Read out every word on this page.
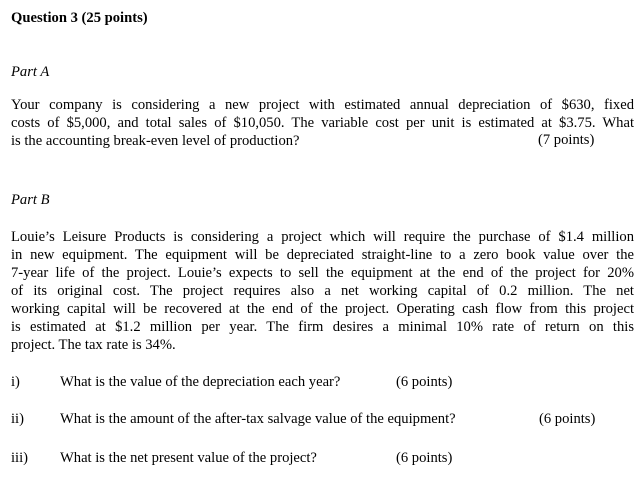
Question 3 (25 points)
Part A
Your company is considering a new project with estimated annual depreciation of $630, fixed
costs of $5,000, and total sales of $10,050. The variable cost per unit is estimated at $3.75. What
is the accounting break-even level of production?	(7 points)
Part B
Louie’s Leisure Products is considering a project which will require the purchase of $1.4 million
in new equipment. The equipment will be depreciated straight-line to a zero book value over the
7-year life of the project. Louie’s expects to sell the equipment at the end of the project for 20%
of its original cost. The project requires also a net working capital of 0.2 million. The net
working capital will be recovered at the end of the project. Operating cash flow from this project
is estimated at $1.2 million per year. The firm desires a minimal 10% rate of return on this
project. The tax rate is 34%.
i)	What is the value of the depreciation each year?	(6 points)
ii) What is the amount of the after-tax salvage value of the equipment?	(6 points)
iii) What is the net present value of the project?	(6 points)
